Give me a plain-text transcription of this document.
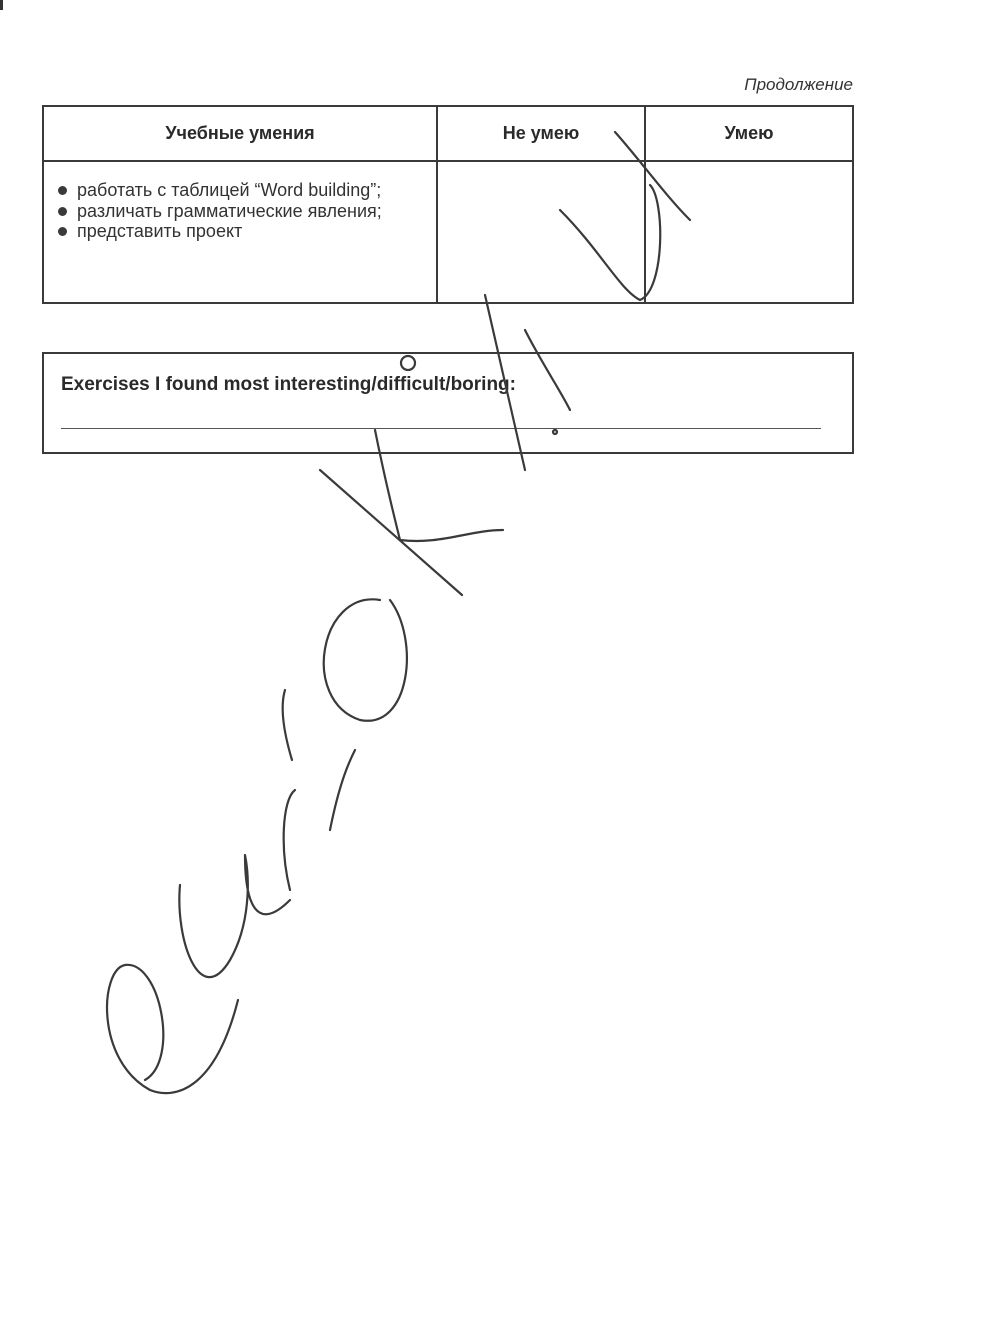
Продолжение
Учебные умения	Не умею	Умею
работать с таблицей “Word building”;
различать грамматические явления;
представить проект
Exercises I found most interesting/difficult/boring:
